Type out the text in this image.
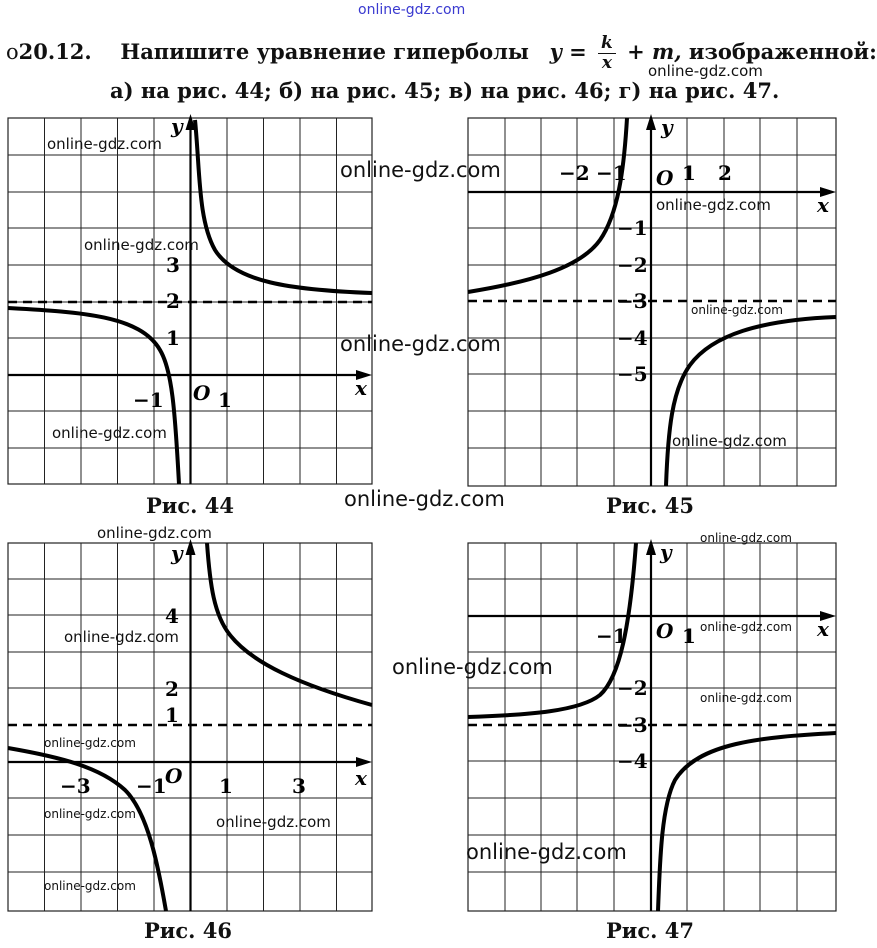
online-gdz.com
o20.12. Напишите уравнение гиперболы $y = \frac{k}{x} + m$, изображенной:
а) на рис. 44; б) на рис. 45; в) на рис. 46; г) на рис. 47.
−1	1
3
2
1
O	x
y
Рис. 44
−2 −1	1 2
−1
−2
−3
−4
−5
O
x
y
Рис. 45
−3 −1	1	3
4
2
1
O	x
y
Рис. 46
−1	1
−2
−3
−4
O	x
y
Рис. 47
online-gdz.com
online-gdz.com
online-gdz.com
online-gdz.com
online-gdz.com
online-gdz.com
online-gdz.com
online-gdz.com	online-gdz.com
online-gdz.com
online-gdz.com	online-gdz.com
online-gdz.com
online-gdz.com
online-gdz.com
online-gdz.com
online-gdz.com
online-gdz.com	online-gdz.com
online-gdz.com
online-gdz.com
